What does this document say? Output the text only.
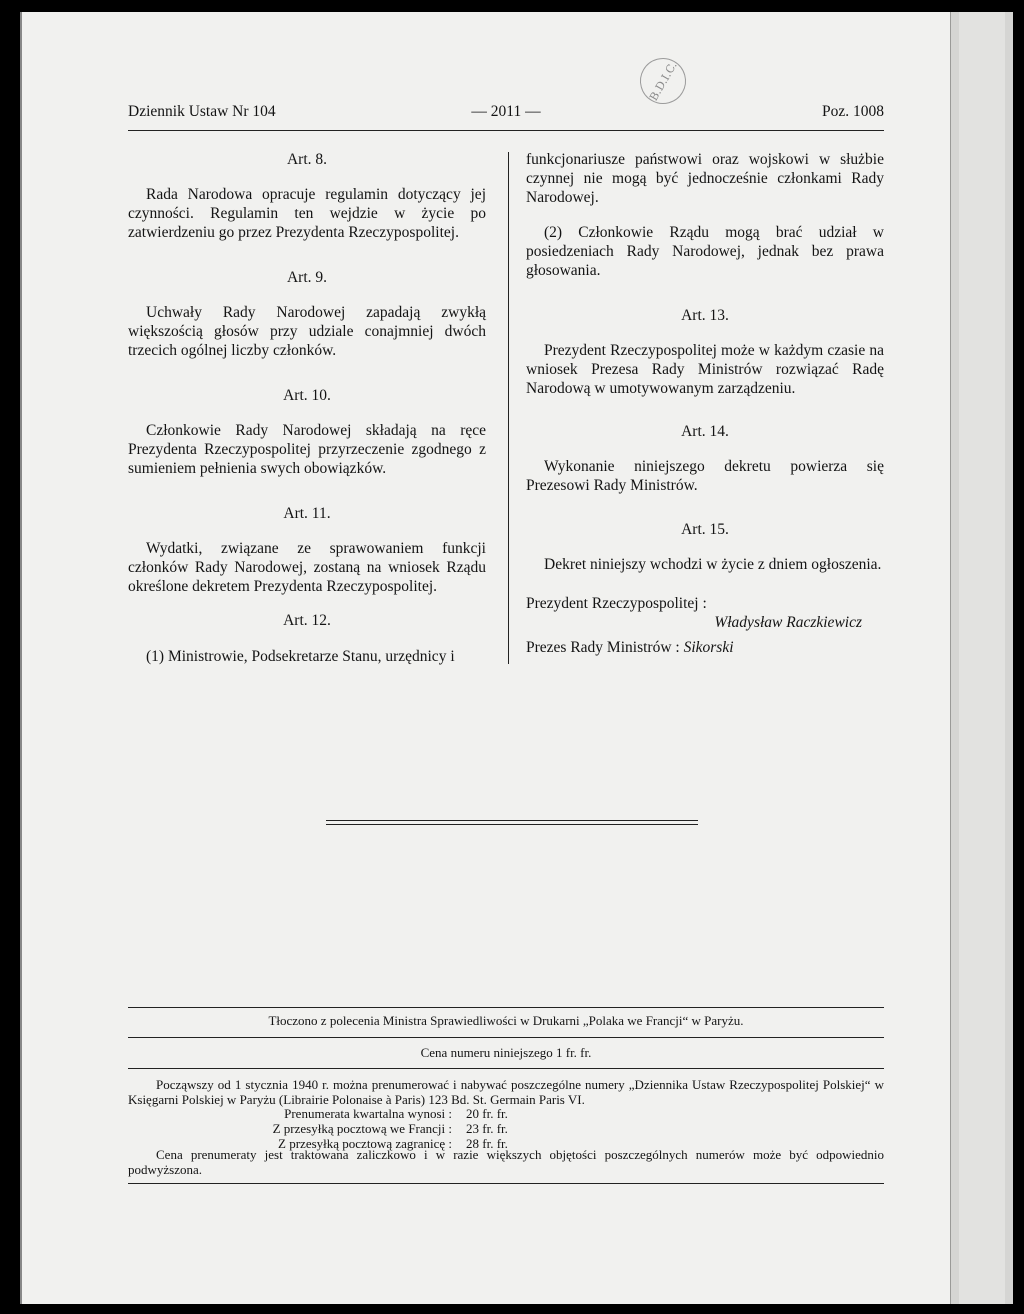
B.D.I.C.
Dziennik Ustaw Nr 104	— 2011 —	Poz. 1008

Art. 8.

Rada Narodowa opracuje regulamin dotyczący jej czynności. Regulamin ten wejdzie w życie po zatwierdzeniu go przez Prezydenta Rzeczypospolitej.

Art. 9.

Uchwały Rady Narodowej zapadają zwykłą większością głosów przy udziale conajmniej dwóch trzecich ogólnej liczby członków.

Art. 10.

Członkowie Rady Narodowej składają na ręce Prezydenta Rzeczypospolitej przyrzeczenie zgodnego z sumieniem pełnienia swych obowiązków.

Art. 11.

Wydatki, związane ze sprawowaniem funkcji członków Rady Narodowej, zostaną na wniosek Rządu określone dekretem Prezydenta Rzeczypospolitej.

Art. 12.

(1) Ministrowie, Podsekretarze Stanu, urzędnicy i

funkcjonariusze państwowi oraz wojskowi w służbie czynnej nie mogą być jednocześnie członkami Rady Narodowej.

(2) Członkowie Rządu mogą brać udział w posiedzeniach Rady Narodowej, jednak bez prawa głosowania.

Art. 13.

Prezydent Rzeczypospolitej może w każdym czasie na wniosek Prezesa Rady Ministrów rozwiązać Radę Narodową w umotywowanym zarządzeniu.

Art. 14.

Wykonanie niniejszego dekretu powierza się Prezesowi Rady Ministrów.

Art. 15.

Dekret niniejszy wchodzi w życie z dniem ogłoszenia.

Prezydent Rzeczypospolitej :

Władysław Raczkiewicz

Prezes Rady Ministrów : Sikorski

Tłoczono z polecenia Ministra Sprawiedliwości w Drukarni „Polaka we Francji“ w Paryżu.
Cena numeru niniejszego 1 fr. fr.
Począwszy od 1 stycznia 1940 r. można prenumerować i nabywać poszczególne numery „Dziennika Ustaw Rzeczypospolitej Polskiej“ w Księgarni Polskiej w Paryżu (Librairie Polonaise à Paris) 123 Bd. St. Germain Paris VI.
Prenumerata kwartalna wynosi :	20 fr. fr.
Z przesyłką pocztową we Francji :	23 fr. fr.
Z przesyłką pocztową zagranicę :	28 fr. fr.
Cena prenumeraty jest traktowana zaliczkowo i w razie większych objętości poszczególnych numerów może być odpowiednio podwyższona.
